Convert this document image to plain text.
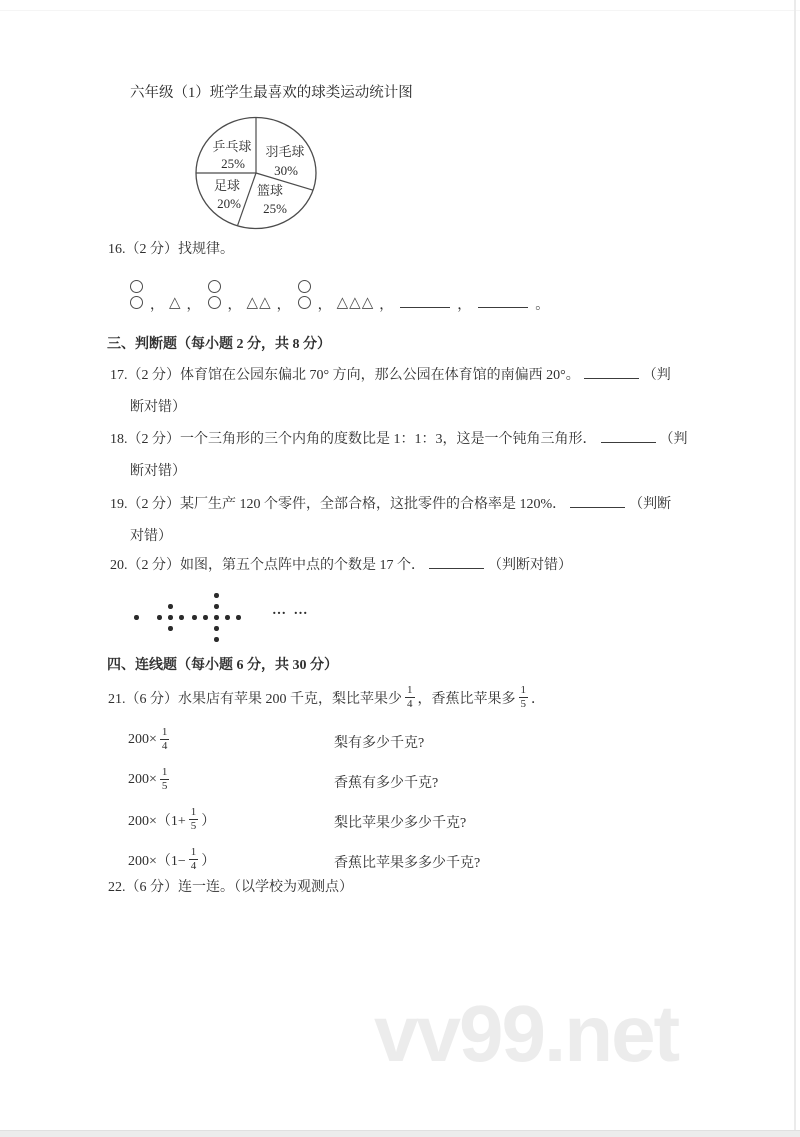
六年级（1）班学生最喜欢的球类运动统计图
羽毛球
30%
篮球
25%
足球
20%
乒乓球
25%
16.（2 分）找规律。
， △ ， ， △△ ， ， △△△ ，	，	。
三、判断题（每小题 2 分，共 8 分）
17.（2 分）体育馆在公园东偏北 70° 方向，那么公园在体育馆的南偏西 20°。	（判
断对错）
18.（2 分）一个三角形的三个内角的度数比是 1：1：3，这是一个钝角三角形．	（判
断对错）
19.（2 分）某厂生产 120 个零件，全部合格，这批零件的合格率是 120%．	（判断
对错）
20.（2 分）如图，第五个点阵中点的个数是 17 个．	（判断对错）
… …
四、连线题（每小题 6 分，共 30 分）
21.（6 分）水果店有苹果 200 千克，梨比苹果少 $\frac{1}{4}$ ，香蕉比苹果多 $\frac{1}{5}$ ．
$200\times \frac{1}{4}$	梨有多少千克?
$200\times \frac{1}{5}$	香蕉有多少千克?
$200\times(1+ \frac{1}{5}$ ）	梨比苹果少多少千克?
$200\times(1- \frac{1}{4}$ ）	香蕉比苹果多多少千克?
22.（6 分）连一连。（以学校为观测点）
vv99.net
